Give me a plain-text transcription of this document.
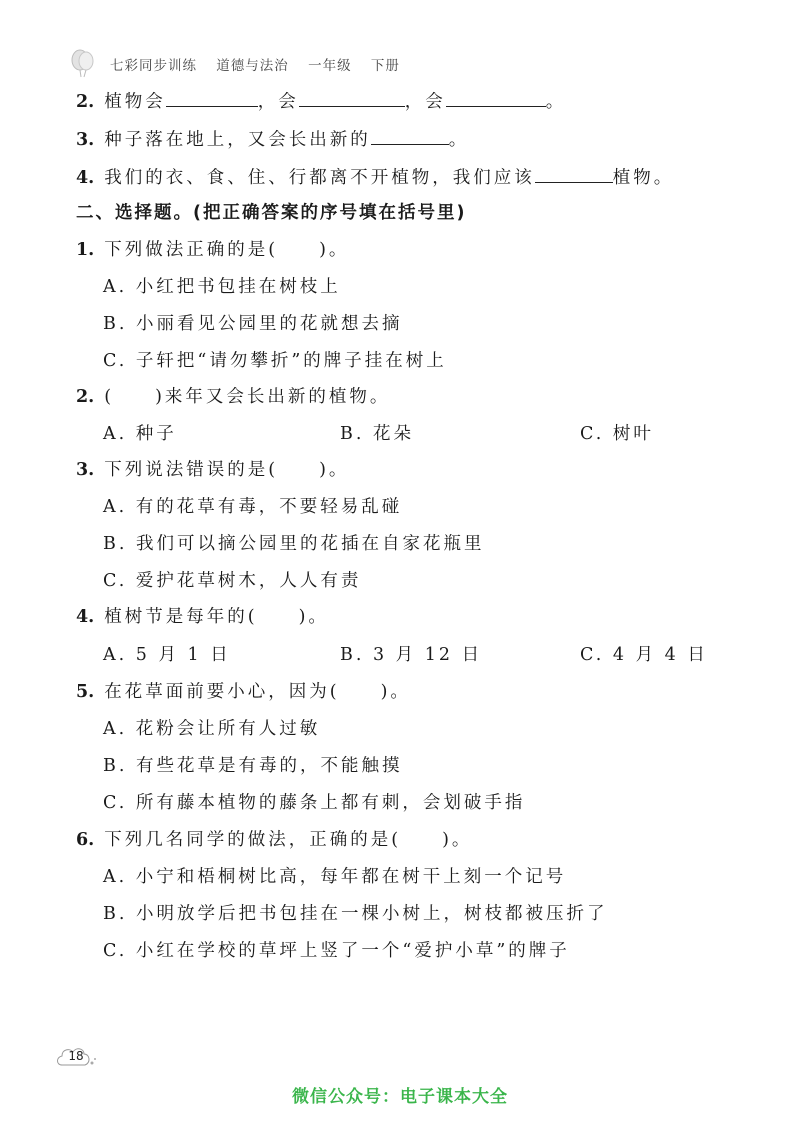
七彩同步训练 道德与法治 一年级 下册
2. 植物会	，会	，会	。
3. 种子落在地上，又会长出新的	。
4. 我们的衣、食、住、行都离不开植物，我们应该	植物。
二、选择题。(把正确答案的序号填在括号里)
1. 下列做法正确的是(　　)。
A. 小红把书包挂在树枝上
B. 小丽看见公园里的花就想去摘
C. 子轩把“请勿攀折”的牌子挂在树上
2. (　　)来年又会长出新的植物。
A. 种子	B. 花朵	C. 树叶
3. 下列说法错误的是(　　)。
A. 有的花草有毒，不要轻易乱碰
B. 我们可以摘公园里的花插在自家花瓶里
C. 爱护花草树木，人人有责
4. 植树节是每年的(　　)。
A. 5 月 1 日	B. 3 月 12 日	C. 4 月 4 日
5. 在花草面前要小心，因为(　　)。
A. 花粉会让所有人过敏
B. 有些花草是有毒的，不能触摸
C. 所有藤本植物的藤条上都有刺，会划破手指
6. 下列几名同学的做法，正确的是(　　)。
A. 小宁和梧桐树比高，每年都在树干上刻一个记号
B. 小明放学后把书包挂在一棵小树上，树枝都被压折了
C. 小红在学校的草坪上竖了一个“爱护小草”的牌子
18
微信公众号：电子课本大全
